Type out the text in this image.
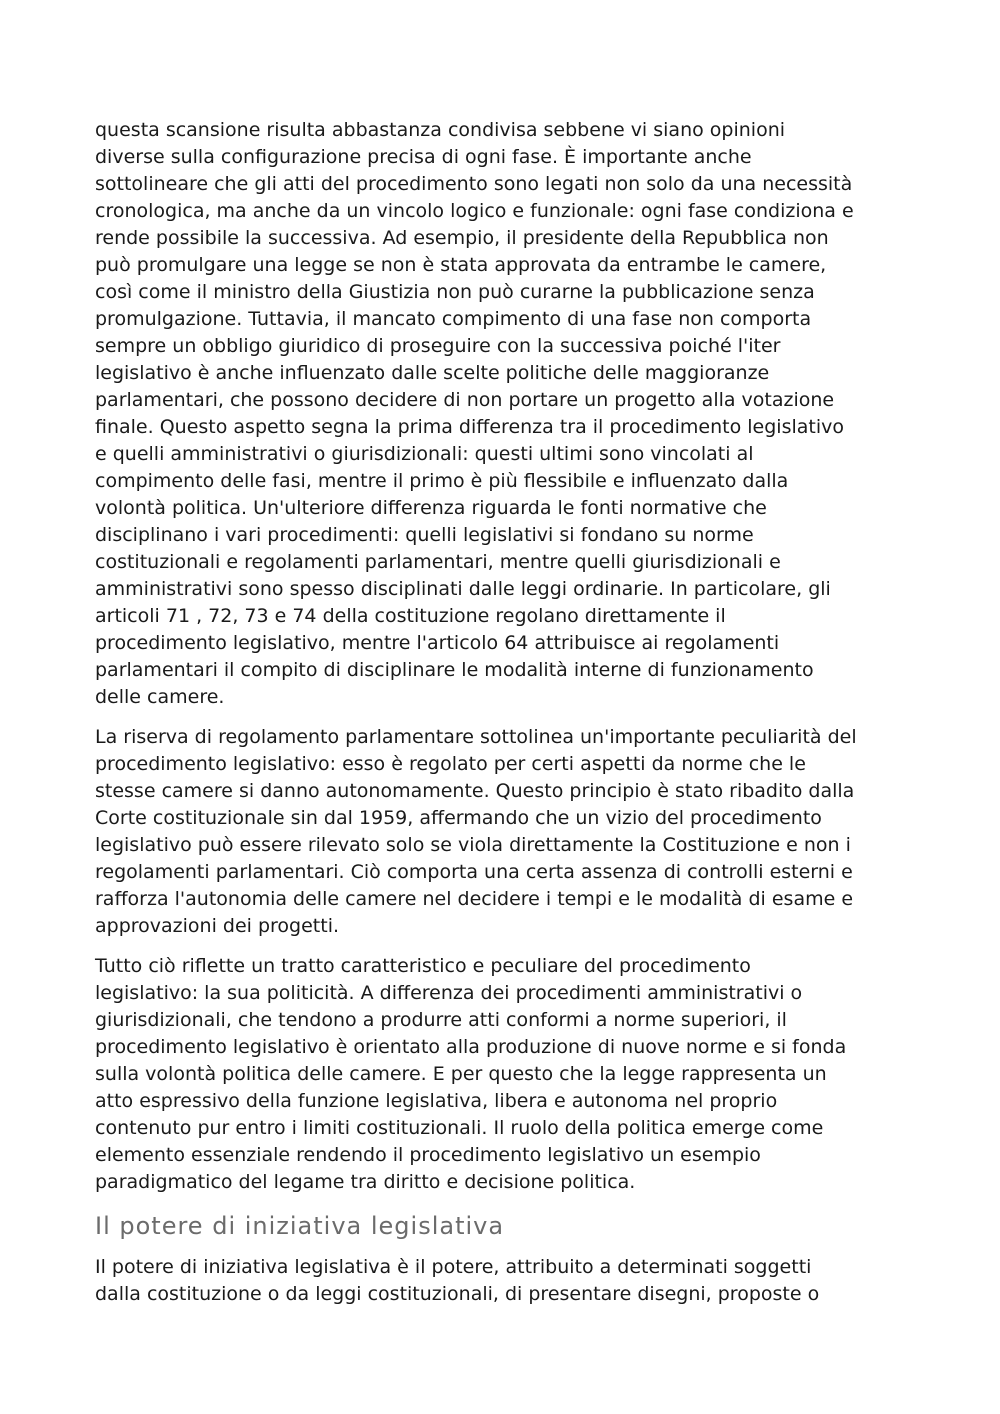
questa scansione risulta abbastanza condivisa sebbene vi siano opinioni
diverse sulla configurazione precisa di ogni fase. È importante anche
sottolineare che gli atti del procedimento sono legati non solo da una necessità
cronologica, ma anche da un vincolo logico e funzionale: ogni fase condiziona e
rende possibile la successiva. Ad esempio, il presidente della Repubblica non
può promulgare una legge se non è stata approvata da entrambe le camere,
così come il ministro della Giustizia non può curarne la pubblicazione senza
promulgazione. Tuttavia, il mancato compimento di una fase non comporta
sempre un obbligo giuridico di proseguire con la successiva poiché l'iter
legislativo è anche influenzato dalle scelte politiche delle maggioranze
parlamentari, che possono decidere di non portare un progetto alla votazione
finale. Questo aspetto segna la prima differenza tra il procedimento legislativo
e quelli amministrativi o giurisdizionali: questi ultimi sono vincolati al
compimento delle fasi, mentre il primo è più flessibile e influenzato dalla
volontà politica. Un'ulteriore differenza riguarda le fonti normative che
disciplinano i vari procedimenti: quelli legislativi si fondano su norme
costituzionali e regolamenti parlamentari, mentre quelli giurisdizionali e
amministrativi sono spesso disciplinati dalle leggi ordinarie. In particolare, gli
articoli 71 , 72, 73 e 74 della costituzione regolano direttamente il
procedimento legislativo, mentre l'articolo 64 attribuisce ai regolamenti
parlamentari il compito di disciplinare le modalità interne di funzionamento
delle camere.

La riserva di regolamento parlamentare sottolinea un'importante peculiarità del
procedimento legislativo: esso è regolato per certi aspetti da norme che le
stesse camere si danno autonomamente. Questo principio è stato ribadito dalla
Corte costituzionale sin dal 1959, affermando che un vizio del procedimento
legislativo può essere rilevato solo se viola direttamente la Costituzione e non i
regolamenti parlamentari. Ciò comporta una certa assenza di controlli esterni e
rafforza l'autonomia delle camere nel decidere i tempi e le modalità di esame e
approvazioni dei progetti.

Tutto ciò riflette un tratto caratteristico e peculiare del procedimento
legislativo: la sua politicità. A differenza dei procedimenti amministrativi o
giurisdizionali, che tendono a produrre atti conformi a norme superiori, il
procedimento legislativo è orientato alla produzione di nuove norme e si fonda
sulla volontà politica delle camere. E per questo che la legge rappresenta un
atto espressivo della funzione legislativa, libera e autonoma nel proprio
contenuto pur entro i limiti costituzionali. Il ruolo della politica emerge come
elemento essenziale rendendo il procedimento legislativo un esempio
paradigmatico del legame tra diritto e decisione politica.

Il potere di iniziativa legislativa

Il potere di iniziativa legislativa è il potere, attribuito a determinati soggetti
dalla costituzione o da leggi costituzionali, di presentare disegni, proposte o
